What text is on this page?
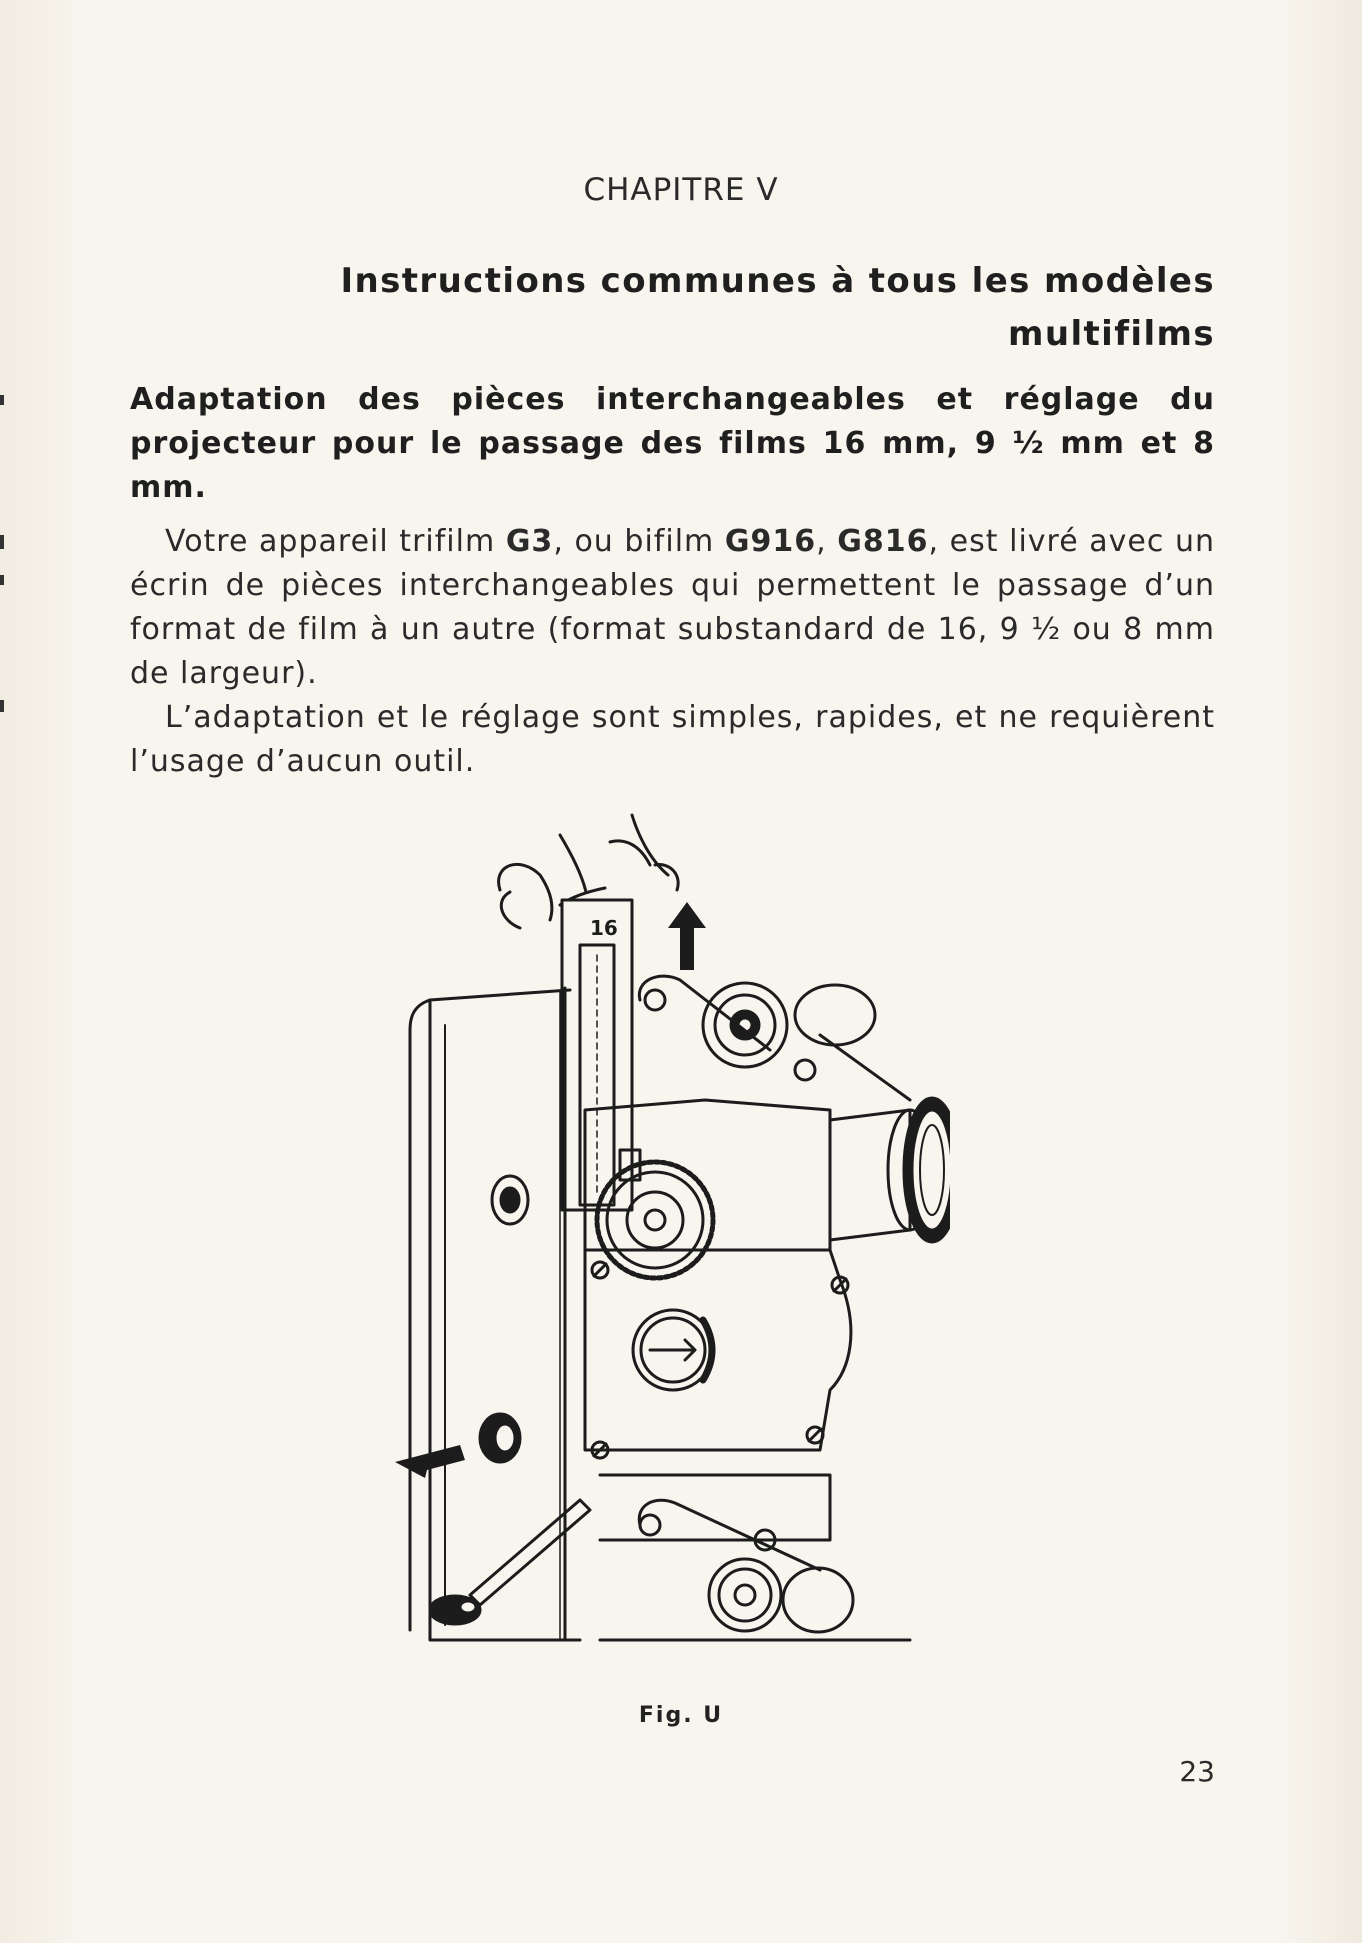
CHAPITRE V
Instructions communes à tous les modèles
multifilms
Adaptation des pièces interchangeables et réglage du projecteur pour le passage des films 16 mm, 9 ½ mm et 8 mm.

Votre appareil trifilm G3, ou bifilm G916, G816, est livré avec un écrin de pièces interchangeables qui permettent le passage d’un format de film à un autre (format substandard de 16, 9 ½ ou 8 mm de largeur).

L’adaptation et le réglage sont simples, rapides, et ne requièrent l’usage d’aucun outil.

16
Fig. U
23
